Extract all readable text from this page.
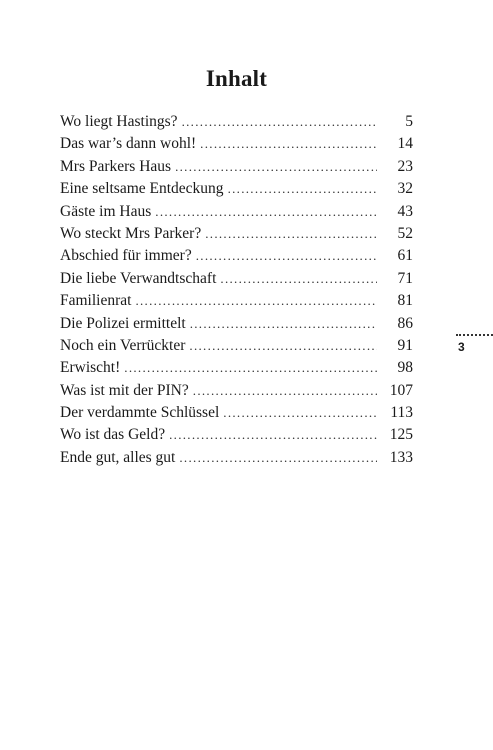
Inhalt
Wo liegt Hastings? .....	5
Das war’s dann wohl! .....	14
Mrs Parkers Haus .....	23
Eine seltsame Entdeckung .....	32
Gäste im Haus .....	43
Wo steckt Mrs Parker? .....	52
Abschied für immer? .....	61
Die liebe Verwandtschaft .....	71
Familienrat .....	81
Die Polizei ermittelt .....	86
Noch ein Verrückter .....	91
Erwischt! .....	98
Was ist mit der PIN? .....	107
Der verdammte Schlüssel .....	113
Wo ist das Geld? .....	125
Ende gut, alles gut .....	133
3
